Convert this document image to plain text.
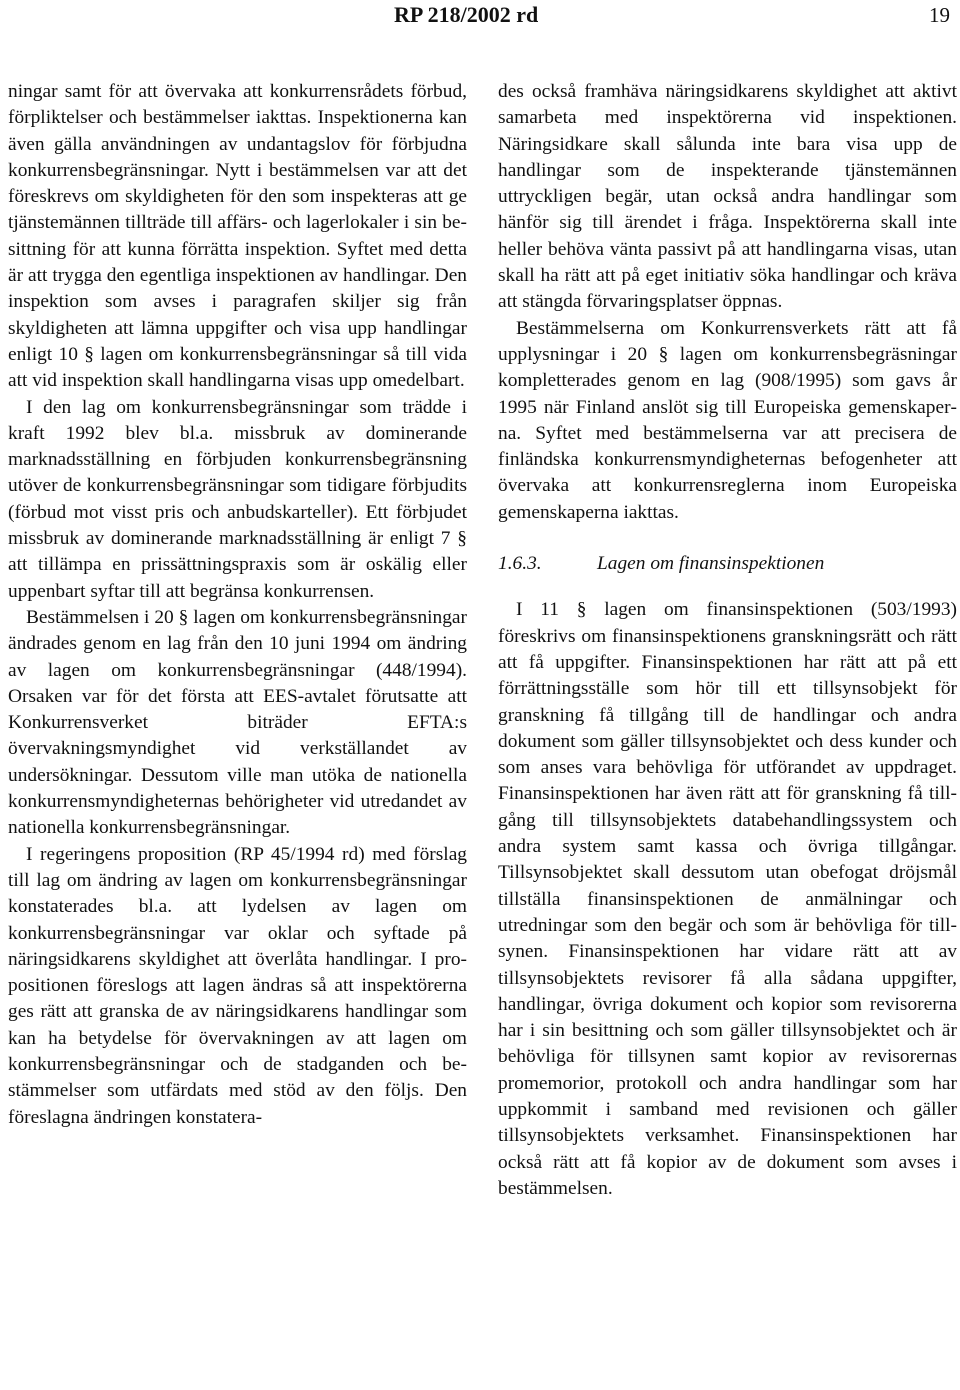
RP 218/2002 rd	19

ningar samt för att övervaka att konkurrensrådets förbud, förpliktelser och bestämmelser iakttas. Inspektionerna kan även gälla användningen av undantagslov för förbjudna konkurrensbegränsningar. Nytt i bestämmelsen var att det föreskrevs om skyldigheten för den som inspekteras att ge tjänstemännen tillträde till affärs- och lagerlokaler i sin besittning för att kunna förrätta inspektion. Syftet med detta är att trygga den egentliga inspektionen av handlingar. Den inspektion som avses i paragrafen skiljer sig från skyldigheten att lämna uppgifter och visa upp handlingar enligt 10 § lagen om konkurrensbegränsningar så till vida att vid inspektion skall handlingarna visas upp omedelbart.

I den lag om konkurrensbegränsningar som trädde i kraft 1992 blev bl.a. missbruk av dominerande marknadsställning en förbjuden konkurrensbegränsning utöver de konkurrensbegränsningar som tidigare förbjudits (förbud mot visst pris och anbudskarteller). Ett förbjudet missbruk av dominerande marknadsställning är enligt 7 § att tillämpa en prissättningspraxis som är oskälig eller uppenbart syftar till att begränsa konkurrensen.

Bestämmelsen i 20 § lagen om konkurrensbegränsningar ändrades genom en lag från den 10 juni 1994 om ändring av lagen om konkurrensbegränsningar (448/1994). Orsaken var för det första att EES-avtalet förutsatte att Konkurrensverket biträder EFTA:s övervakningsmyndighet vid verkställandet av undersökningar. Dessutom ville man utöka de nationella konkurrensmyndigheternas behörigheter vid utredandet av nationella konkurrensbegränsningar.

I regeringens proposition (RP 45/1994 rd) med förslag till lag om ändring av lagen om konkurrensbegränsningar konstaterades bl.a. att lydelsen av lagen om konkurrensbegränsningar var oklar och syftade på näringsidkarens skyldighet att överlåta handlingar. I propositionen föreslogs att lagen ändras så att inspektörerna ges rätt att granska de av näringsidkarens handlingar som kan ha betydelse för övervakningen av att lagen om konkurrensbegränsningar och de stadganden och bestämmelser som utfärdats med stöd av den följs. Den föreslagna ändringen konstatera-

des också framhäva näringsidkarens skyldighet att aktivt samarbeta med inspektörerna vid inspektionen. Näringsidkare skall sålunda inte bara visa upp de handlingar som de inspekterande tjänstemännen uttryckligen begär, utan också andra handlingar som hänför sig till ärendet i fråga. Inspektörerna skall inte heller behöva vänta passivt på att handlingarna visas, utan skall ha rätt att på eget initiativ söka handlingar och kräva att stängda förvaringsplatser öppnas.

Bestämmelserna om Konkurrensverkets rätt att få upplysningar i 20 § lagen om konkurrensbegräsningar kompletterades genom en lag (908/1995) som gavs år 1995 när Finland anslöt sig till Europeiska gemenskaperna. Syftet med bestämmelserna var att precisera de finländska konkurrensmyndigheternas befogenheter att övervaka att konkurrensreglerna inom Europeiska gemenskaperna iakttas.

1.6.3.	Lagen om finansinspektionen

I 11 § lagen om finansinspektionen (503/1993) föreskrivs om finansinspektionens granskningsrätt och rätt att få uppgifter. Finansinspektionen har rätt att på ett förrättningsställe som hör till ett tillsynsobjekt för granskning få tillgång till de handlingar och andra dokument som gäller tillsynsobjektet och dess kunder och som anses vara behövliga för utförandet av uppdraget. Finansinspektionen har även rätt att för granskning få tillgång till tillsynsobjektets databehandlingssystem och andra system samt kassa och övriga tillgångar. Tillsynsobjektet skall dessutom utan obefogat dröjsmål tillställa finansinspektionen de anmälningar och utredningar som den begär och som är behövliga för tillsynen. Finansinspektionen har vidare rätt att av tillsynsobjektets revisorer få alla sådana uppgifter, handlingar, övriga dokument och kopior som revisorerna har i sin besittning och som gäller tillsynsobjektet och är behövliga för tillsynen samt kopior av revisorernas promemorior, protokoll och andra handlingar som har uppkommit i samband med revisionen och gäller tillsynsobjektets verksamhet. Finansinspektionen har också rätt att få kopior av de dokument som avses i bestämmelsen.
